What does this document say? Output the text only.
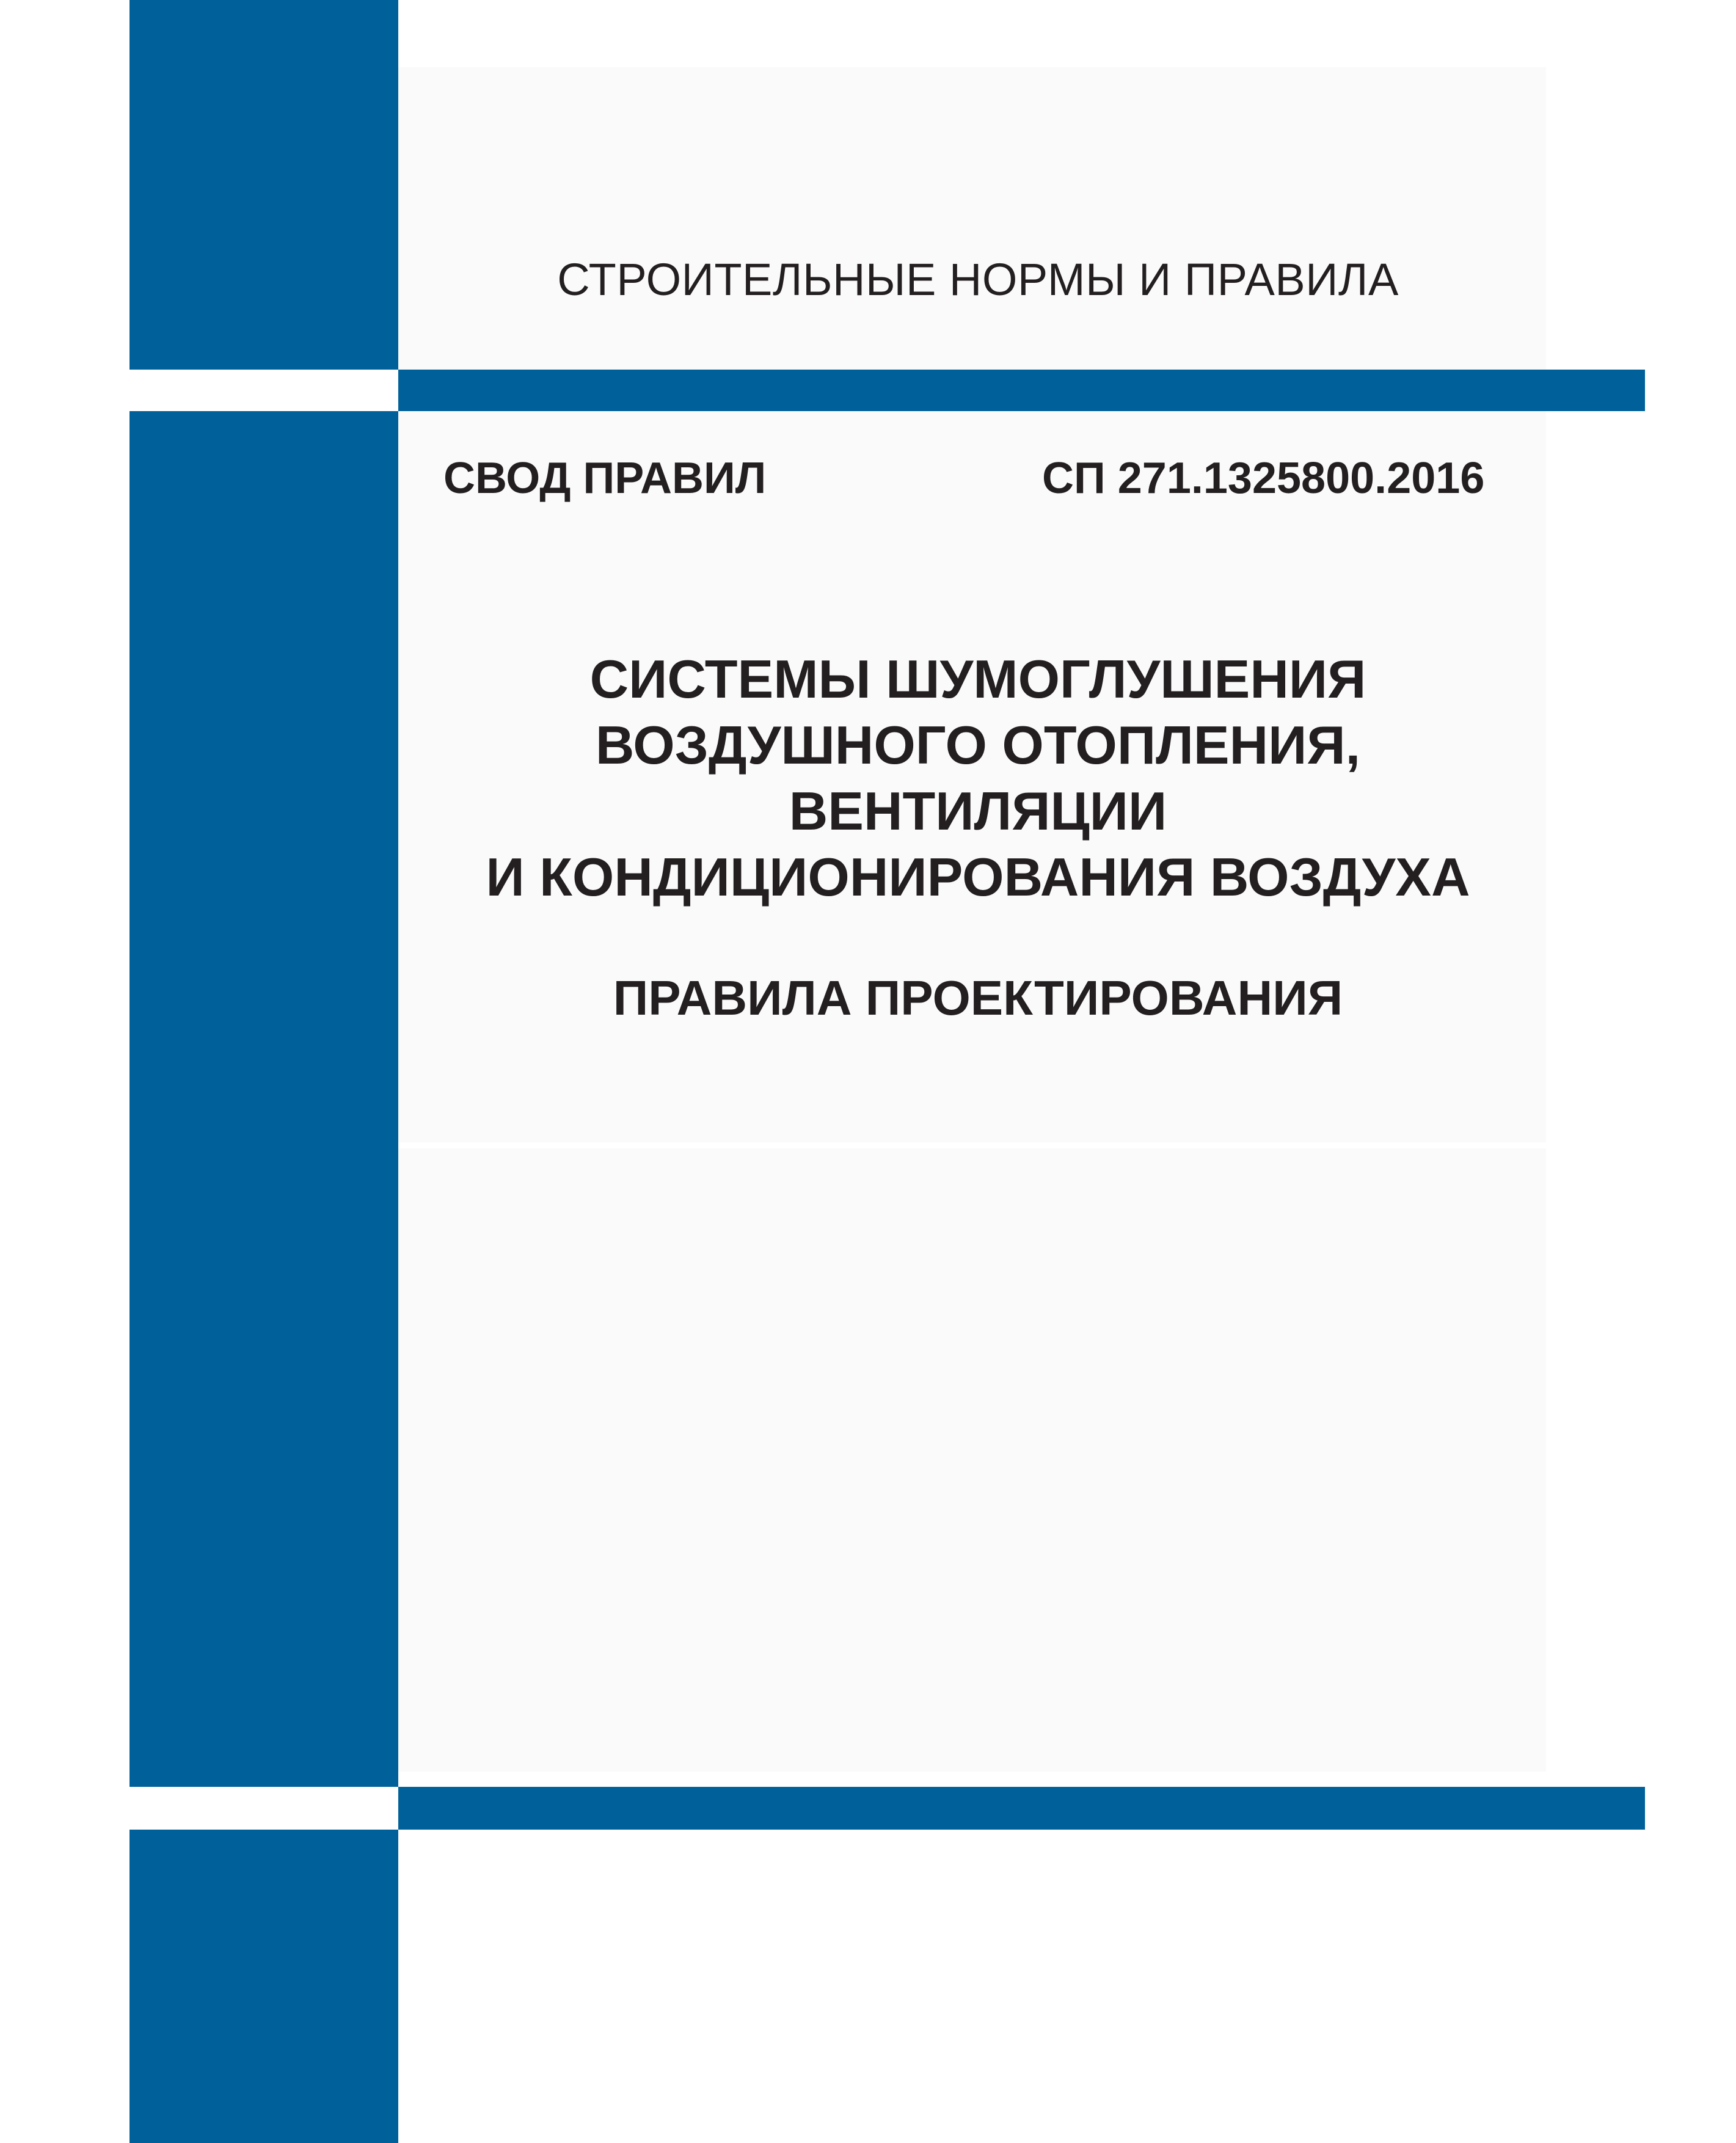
СТРОИТЕЛЬНЫЕ НОРМЫ И ПРАВИЛА
СВОД ПРАВИЛ	СП 271.1325800.2016
СИСТЕМЫ ШУМОГЛУШЕНИЯ
ВОЗДУШНОГО ОТОПЛЕНИЯ,
ВЕНТИЛЯЦИИ
И КОНДИЦИОНИРОВАНИЯ ВОЗДУХА
ПРАВИЛА ПРОЕКТИРОВАНИЯ
